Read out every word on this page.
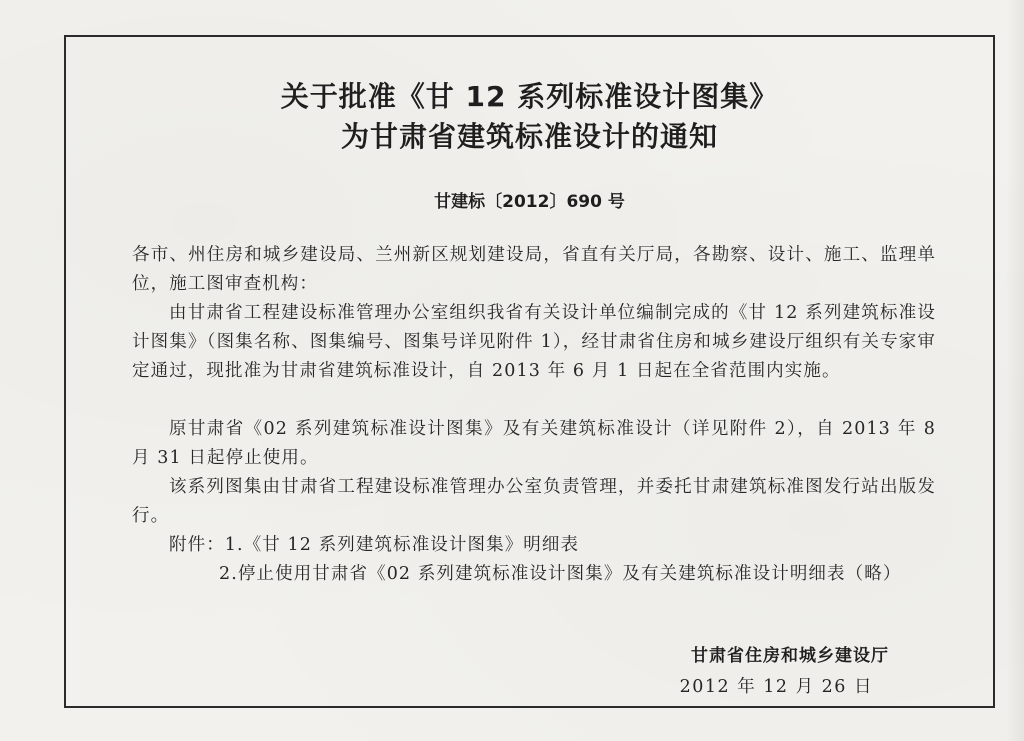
关于批准《甘 12 系列标准设计图集》
为甘肃省建筑标准设计的通知
甘建标〔2012〕690 号
各市、州住房和城乡建设局、兰州新区规划建设局，省直有关厅局，各勘察、设计、施工、监理单位，施工图审查机构：
由甘肃省工程建设标准管理办公室组织我省有关设计单位编制完成的《甘 12 系列建筑标准设计图集》（图集名称、图集编号、图集号详见附件 1），经甘肃省住房和城乡建设厅组织有关专家审定通过，现批准为甘肃省建筑标准设计，自 2013 年 6 月 1 日起在全省范围内实施。
原甘肃省《02 系列建筑标准设计图集》及有关建筑标准设计（详见附件 2），自 2013 年 8 月 31 日起停止使用。
该系列图集由甘肃省工程建设标准管理办公室负责管理，并委托甘肃建筑标准图发行站出版发行。
附件：1.《甘 12 系列建筑标准设计图集》明细表
2.停止使用甘肃省《02 系列建筑标准设计图集》及有关建筑标准设计明细表（略）
甘肃省住房和城乡建设厅
2012 年 12 月 26 日
